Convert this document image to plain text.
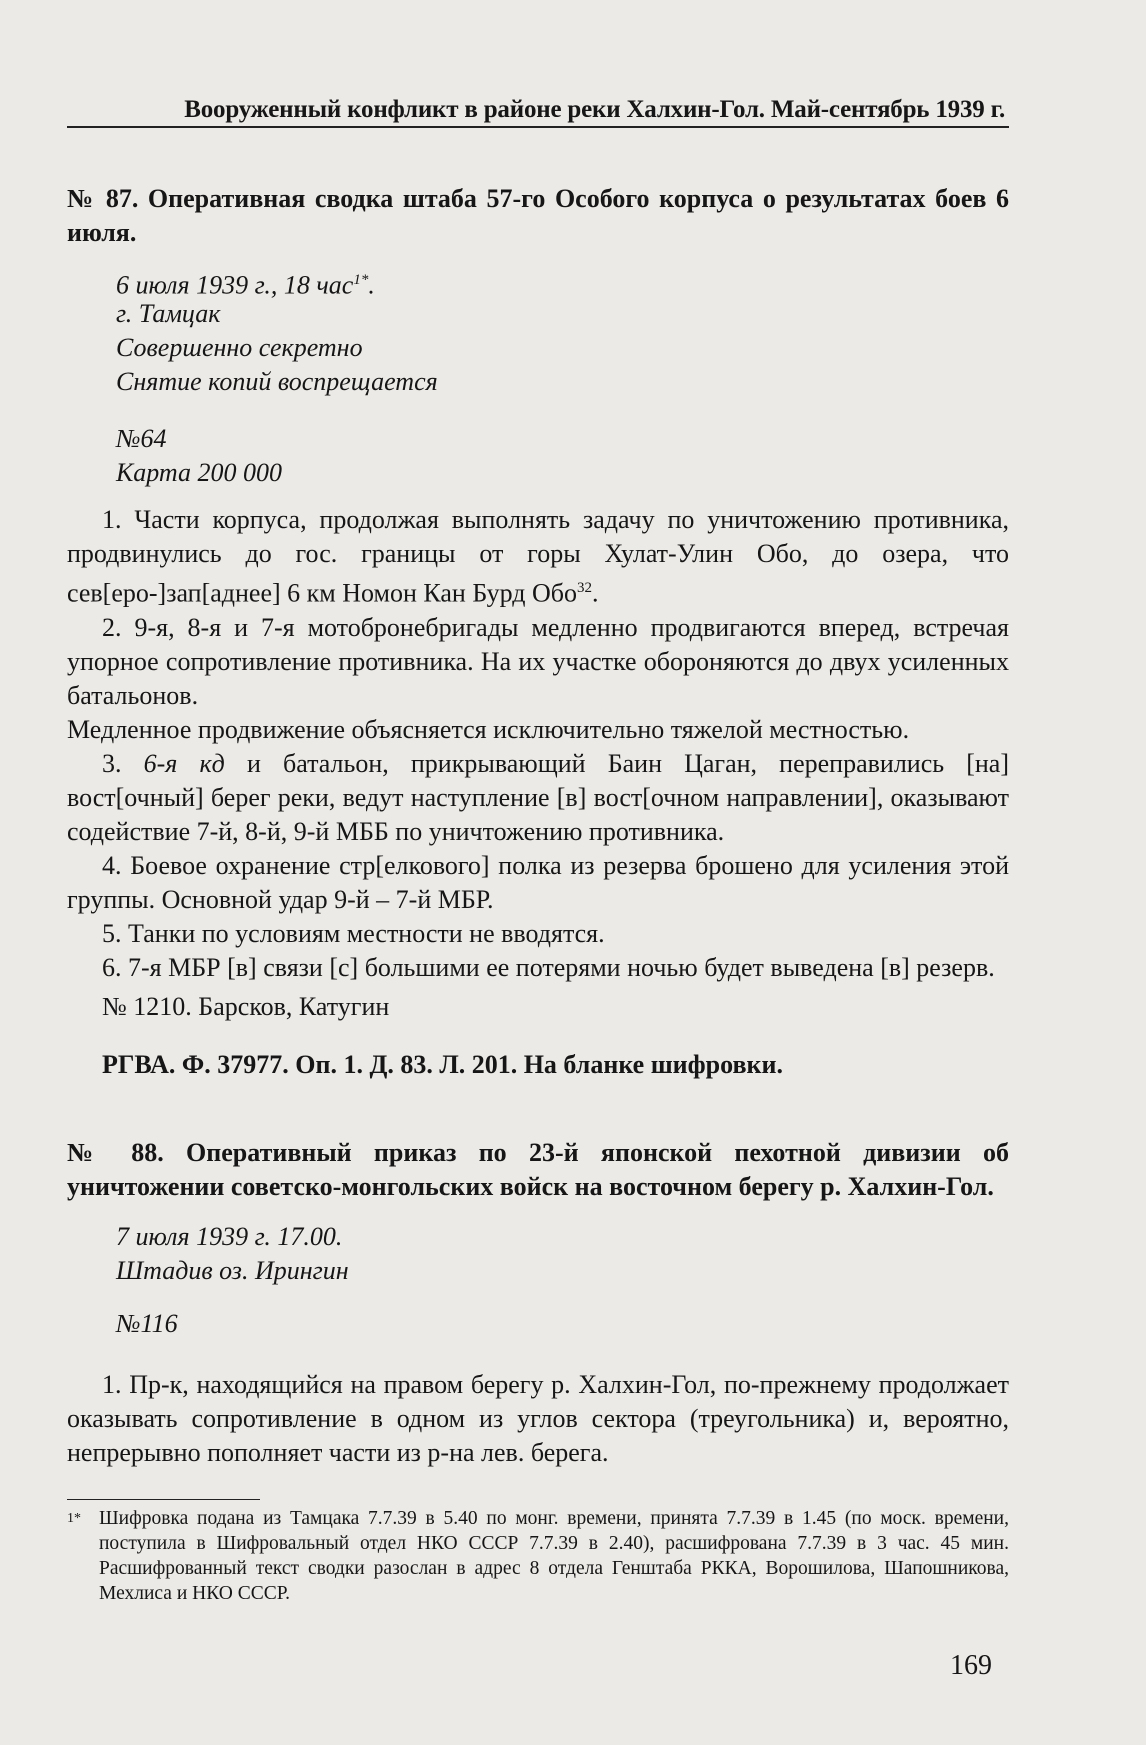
Вооруженный конфликт в районе реки Халхин-Гол. Май-сентябрь 1939 г.
№ 87. Оперативная сводка штаба 57-го Особого корпуса о результатах боев 6 июля.
6 июля 1939 г., 18 час$^{1*}$.
г. Тамцак
Совершенно секретно
Снятие копий воспрещается
№64
Карта 200 000

1. Части корпуса, продолжая выполнять задачу по уничтожению противника, продвинулись до гос. границы от горы Хулат-Улин Обо, до озера, что сев[еро-]зап[аднее] 6 км Номон Кан Бурд Обо$^{32}$.

2. 9-я, 8-я и 7-я мотобронебригады медленно продвигаются вперед, встречая упорное сопротивление противника. На их участке обороняются до двух усиленных батальонов.

Медленное продвижение объясняется исключительно тяжелой местностью.

3. 6-я кд и батальон, прикрывающий Баин Цаган, переправились [на] вост[очный] берег реки, ведут наступление [в] вост[очном направлении], оказывают содействие 7-й, 8-й, 9-й МББ по уничтожению противника.

4. Боевое охранение стр[елкового] полка из резерва брошено для усиления этой группы. Основной удар 9-й – 7-й МБР.

5. Танки по условиям местности не вводятся.

6. 7-я МБР [в] связи [с] большими ее потерями ночью будет выведена [в] резерв.

№ 1210. Барсков, Катугин
РГВА. Ф. 37977. Оп. 1. Д. 83. Л. 201. На бланке шифровки.
№ 88. Оперативный приказ по 23-й японской пехотной дивизии об уничтожении советско-монгольских войск на восточном берегу р. Халхин-Гол.
7 июля 1939 г. 17.00.
Штадив оз. Ирингин
№116

1. Пр-к, находящийся на правом берегу р. Халхин-Гол, по-прежнему продолжает оказывать сопротивление в одном из углов сектора (треугольника) и, вероятно, непрерывно пополняет части из р-на лев. берега.

1* Шифровка подана из Тамцака 7.7.39 в 5.40 по монг. времени, принята 7.7.39 в 1.45 (по моск. времени, поступила в Шифровальный отдел НКО СССР 7.7.39 в 2.40), расшифрована 7.7.39 в 3 час. 45 мин. Расшифрованный текст сводки разослан в адрес 8 отдела Генштаба РККА, Ворошилова, Шапошникова, Мехлиса и НКО СССР.
169
